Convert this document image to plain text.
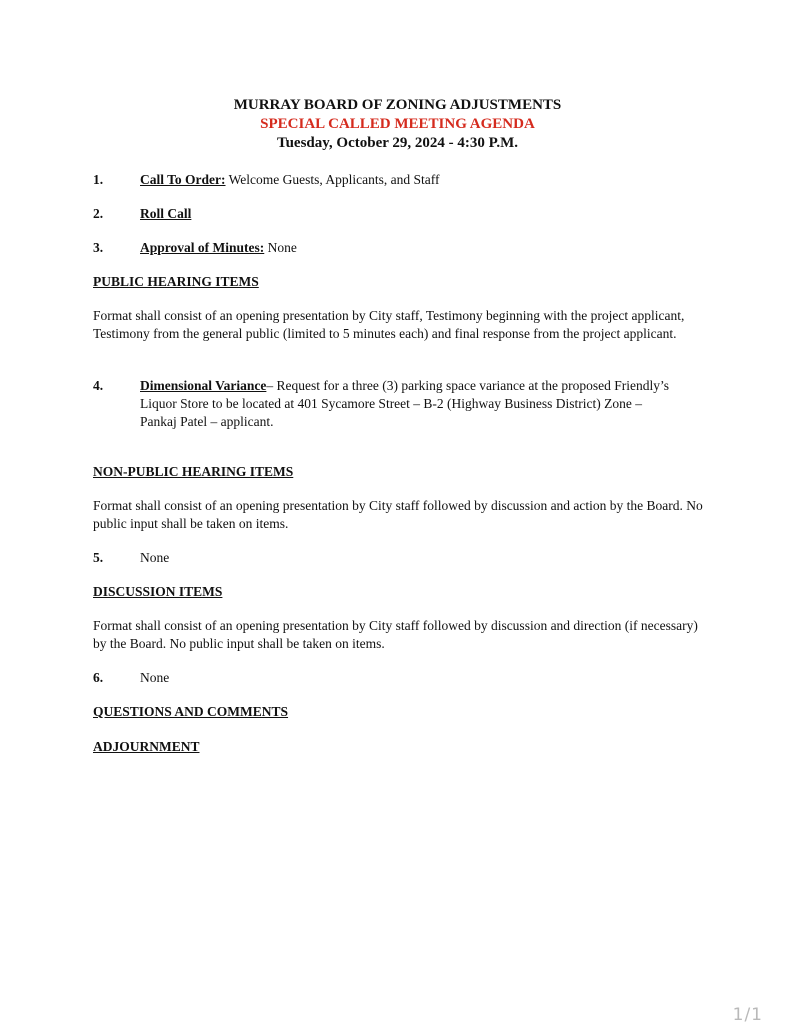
MURRAY BOARD OF ZONING ADJUSTMENTS
SPECIAL CALLED MEETING AGENDA
Tuesday, October 29, 2024 - 4:30 P.M.
1.	Call To Order: Welcome Guests, Applicants, and Staff
2.	Roll Call
3.	Approval of Minutes: None
PUBLIC HEARING ITEMS
Format shall consist of an opening presentation by City staff, Testimony beginning with the project applicant, Testimony from the general public (limited to 5 minutes each) and final response from the project applicant.
4.	Dimensional Variance– Request for a three (3) parking space variance at the proposed Friendly’s Liquor Store to be located at 401 Sycamore Street – B-2 (Highway Business District) Zone – Pankaj Patel – applicant.
NON-PUBLIC HEARING ITEMS
Format shall consist of an opening presentation by City staff followed by discussion and action by the Board. No public input shall be taken on items.
5.	None
DISCUSSION ITEMS
Format shall consist of an opening presentation by City staff followed by discussion and direction (if necessary) by the Board. No public input shall be taken on items.
6.	None
QUESTIONS AND COMMENTS
ADJOURNMENT
1/1
